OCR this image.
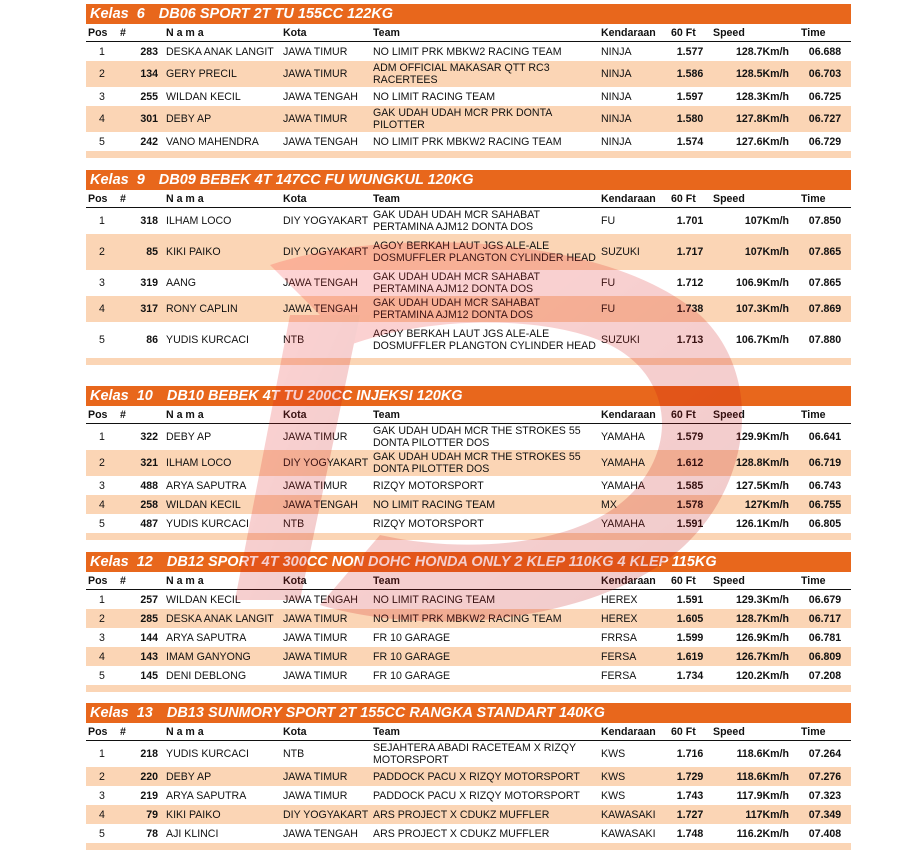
Kelas 6 DB06 SPORT 2T TU 155CC 122KG
Pos	#	N a m a	Kota	Team	Kendaraan	60 Ft	Speed	Time
1	283	DESKA ANAK LANGIT	JAWA TIMUR	NO LIMIT PRK MBKW2 RACING TEAM	NINJA	1.577	128.7Km/h	06.688
2	134	GERY PRECIL	JAWA TIMUR	ADM OFFICIAL MAKASAR QTT RC3 RACERTEES	NINJA	1.586	128.5Km/h	06.703
3	255	WILDAN KECIL	JAWA TENGAH	NO LIMIT RACING TEAM	NINJA	1.597	128.3Km/h	06.725
4	301	DEBY AP	JAWA TIMUR	GAK UDAH UDAH MCR PRK DONTA PILOTTER	NINJA	1.580	127.8Km/h	06.727
5	242	VANO MAHENDRA	JAWA TENGAH	NO LIMIT PRK MBKW2 RACING TEAM	NINJA	1.574	127.6Km/h	06.729
Kelas 9 DB09 BEBEK 4T 147CC FU WUNGKUL 120KG
Pos	#	N a m a	Kota	Team	Kendaraan	60 Ft	Speed	Time
1	318	ILHAM LOCO	DIY YOGYAKART	GAK UDAH UDAH MCR SAHABAT PERTAMINA AJM12 DONTA DOS	FU	1.701	107Km/h	07.850
2	85	KIKI PAIKO	DIY YOGYAKART	AGOY BERKAH LAUT JGS ALE-ALE DOSMUFFLER PLANGTON CYLINDER HEAD	SUZUKI	1.717	107Km/h	07.865
3	319	AANG	JAWA TENGAH	GAK UDAH UDAH MCR SAHABAT PERTAMINA AJM12 DONTA DOS	FU	1.712	106.9Km/h	07.865
4	317	RONY CAPLIN	JAWA TENGAH	GAK UDAH UDAH MCR SAHABAT PERTAMINA AJM12 DONTA DOS	FU	1.738	107.3Km/h	07.869
5	86	YUDIS KURCACI	NTB	AGOY BERKAH LAUT JGS ALE-ALE DOSMUFFLER PLANGTON CYLINDER HEAD	SUZUKI	1.713	106.7Km/h	07.880
Kelas 10 DB10 BEBEK 4T TU 200CC INJEKSI 120KG
Pos	#	N a m a	Kota	Team	Kendaraan	60 Ft	Speed	Time
1	322	DEBY AP	JAWA TIMUR	GAK UDAH UDAH MCR THE STROKES 55 DONTA PILOTTER DOS	YAMAHA	1.579	129.9Km/h	06.641
2	321	ILHAM LOCO	DIY YOGYAKART	GAK UDAH UDAH MCR THE STROKES 55 DONTA PILOTTER DOS	YAMAHA	1.612	128.8Km/h	06.719
3	488	ARYA SAPUTRA	JAWA TIMUR	RIZQY MOTORSPORT	YAMAHA	1.585	127.5Km/h	06.743
4	258	WILDAN KECIL	JAWA TENGAH	NO LIMIT RACING TEAM	MX	1.578	127Km/h	06.755
5	487	YUDIS KURCACI	NTB	RIZQY MOTORSPORT	YAMAHA	1.591	126.1Km/h	06.805
Kelas 12 DB12 SPORT 4T 300CC NON DOHC HONDA ONLY 2 KLEP 110KG 4 KLEP 115KG
Pos	#	N a m a	Kota	Team	Kendaraan	60 Ft	Speed	Time
1	257	WILDAN KECIL	JAWA TENGAH	NO LIMIT RACING TEAM	HEREX	1.591	129.3Km/h	06.679
2	285	DESKA ANAK LANGIT	JAWA TIMUR	NO LIMIT PRK MBKW2 RACING TEAM	HEREX	1.605	128.7Km/h	06.717
3	144	ARYA SAPUTRA	JAWA TIMUR	FR 10 GARAGE	FRRSA	1.599	126.9Km/h	06.781
4	143	IMAM GANYONG	JAWA TIMUR	FR 10 GARAGE	FERSA	1.619	126.7Km/h	06.809
5	145	DENI DEBLONG	JAWA TIMUR	FR 10 GARAGE	FERSA	1.734	120.2Km/h	07.208
Kelas 13 DB13 SUNMORY SPORT 2T 155CC RANGKA STANDART 140KG
Pos	#	N a m a	Kota	Team	Kendaraan	60 Ft	Speed	Time
1	218	YUDIS KURCACI	NTB	SEJAHTERA ABADI RACETEAM X RIZQY MOTORSPORT	KWS	1.716	118.6Km/h	07.264
2	220	DEBY AP	JAWA TIMUR	PADDOCK PACU X RIZQY MOTORSPORT	KWS	1.729	118.6Km/h	07.276
3	219	ARYA SAPUTRA	JAWA TIMUR	PADDOCK PACU X RIZQY MOTORSPORT	KWS	1.743	117.9Km/h	07.323
4	79	KIKI PAIKO	DIY YOGYAKART	ARS PROJECT X CDUKZ MUFFLER	KAWASAKI	1.727	117Km/h	07.349
5	78	AJI KLINCI	JAWA TENGAH	ARS PROJECT X CDUKZ MUFFLER	KAWASAKI	1.748	116.2Km/h	07.408
